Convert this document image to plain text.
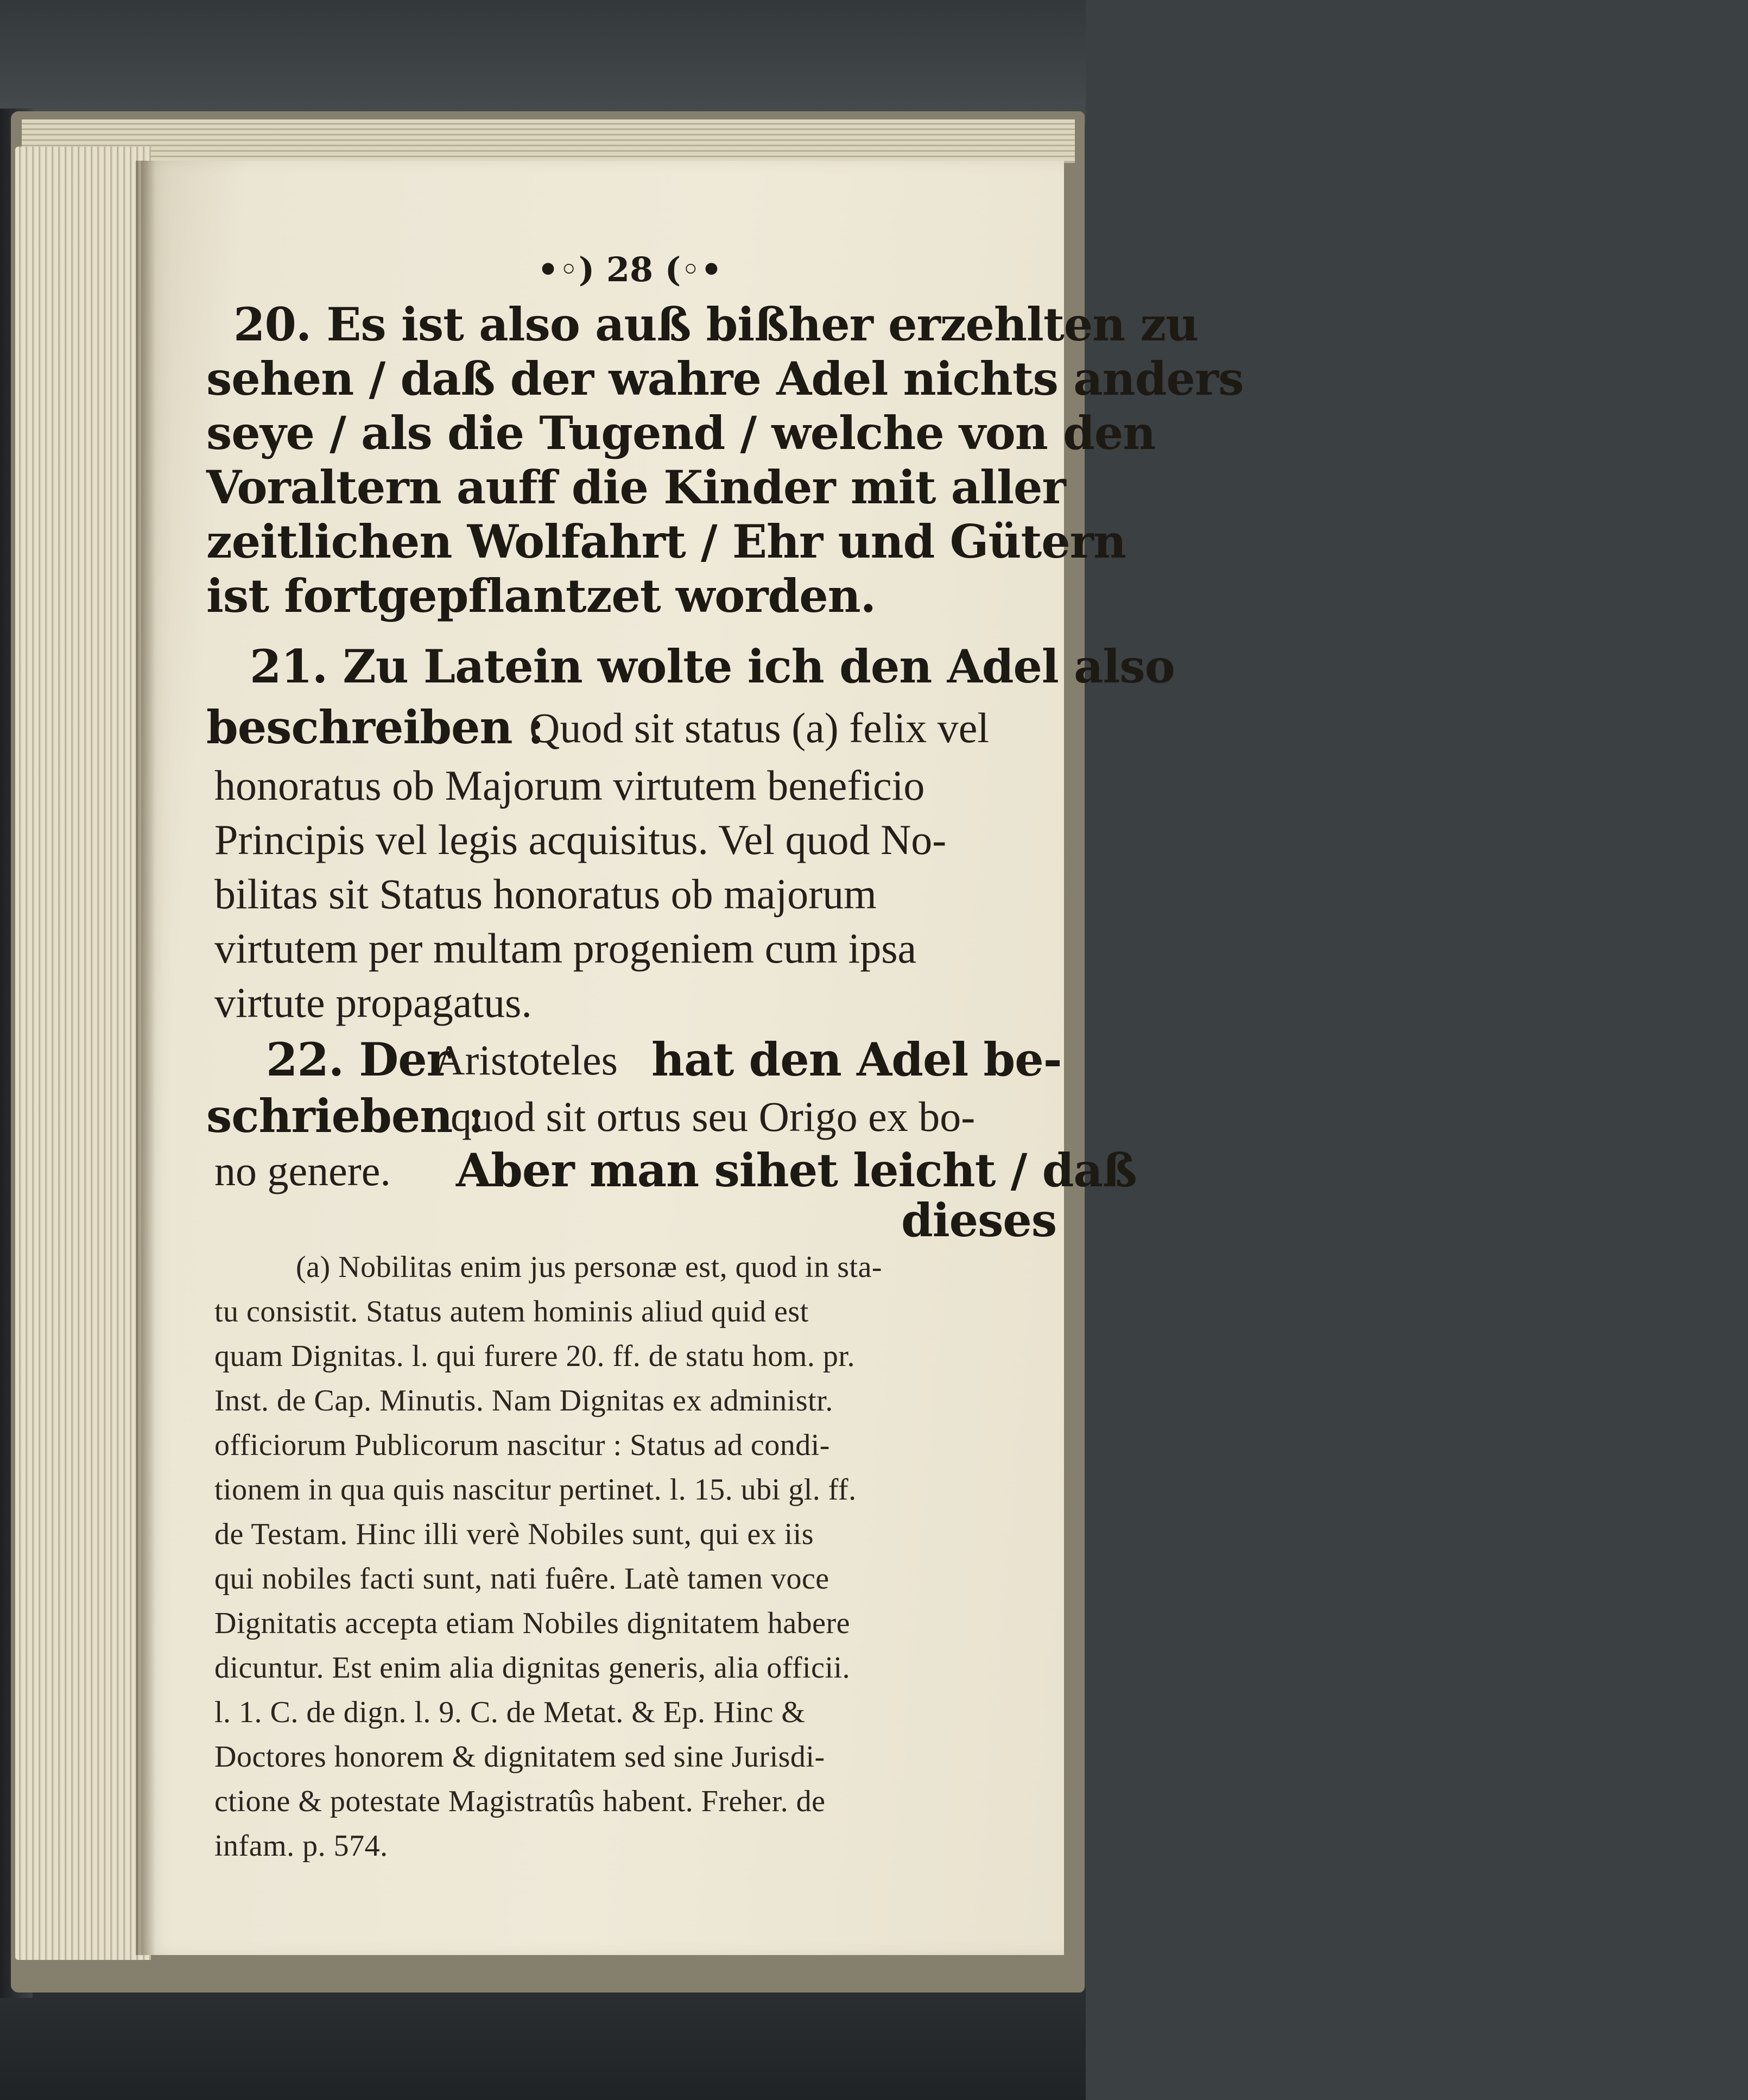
•◦) 28 (◦•
20. Es ist also auß bißher erzehlten zu
sehen / daß der wahre Adel nichts anders
seye / als die Tugend / welche von den
Voraltern auff die Kinder mit aller
zeitlichen Wolfahrt / Ehr und Gütern
ist fortgepflantzet worden.
21. Zu Latein wolte ich den Adel also
beschreiben :
Quod sit status (a) felix vel
honoratus ob Majorum virtutem beneficio
Principis vel legis acquisitus. Vel quod No-
bilitas sit Status honoratus ob majorum
virtutem per multam progeniem cum ipsa
virtute propagatus.
22. Der
Aristoteles hat den Adel be-
schrieben :
quod sit ortus seu Origo ex bo-
no genere.	Aber man sihet leicht / daß
dieses
(a) Nobilitas enim jus personæ est, quod in sta-
tu consistit. Status autem hominis aliud quid est
quam Dignitas. l. qui furere 20. ff. de statu hom. pr.
Inst. de Cap. Minutis. Nam Dignitas ex administr.
officiorum Publicorum nascitur : Status ad condi-
tionem in qua quis nascitur pertinet. l. 15. ubi gl. ff.
de Testam. Hinc illi verè Nobiles sunt, qui ex iis
qui nobiles facti sunt, nati fuêre. Latè tamen voce
Dignitatis accepta etiam Nobiles dignitatem habere
dicuntur. Est enim alia dignitas generis, alia officii.
l. 1. C. de dign. l. 9. C. de Metat. & Ep. Hinc &
Doctores honorem & dignitatem sed sine Jurisdi-
ctione & potestate Magistratûs habent. Freher. de
infam. p. 574.
